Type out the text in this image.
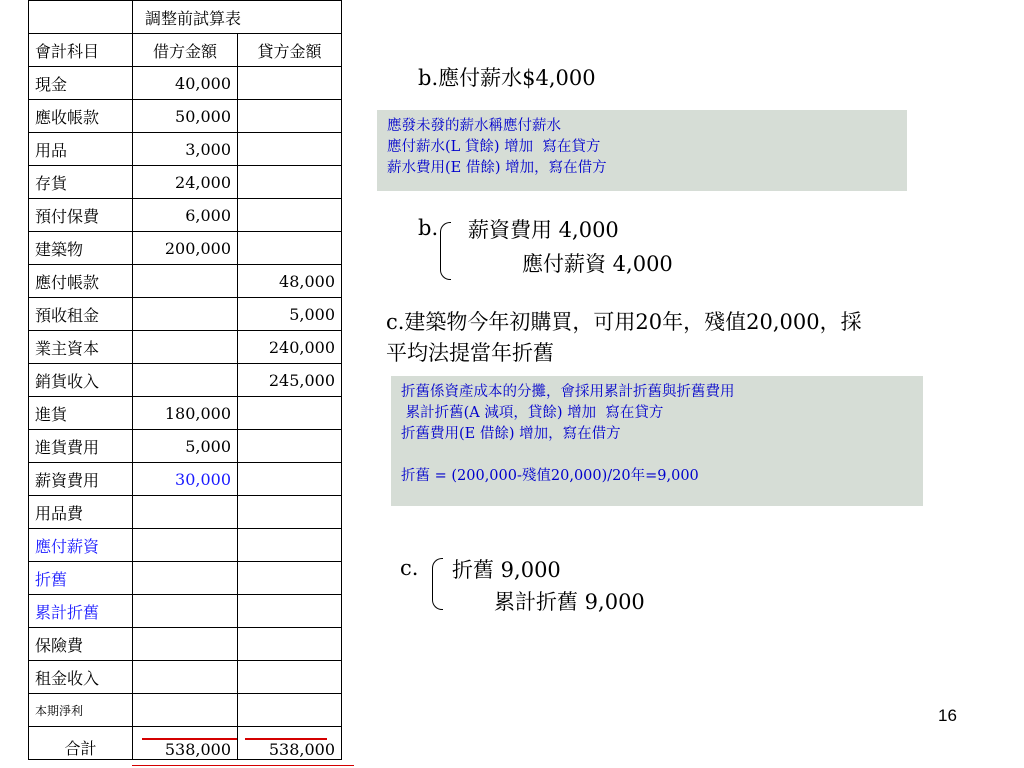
	調整前試算表	
會計科目	借方金額	貸方金額
現金	40,000	
應收帳款	50,000	
用品	3,000	
存貨	24,000	
預付保費	6,000	
建築物	200,000	
應付帳款		48,000
預收租金		5,000
業主資本		240,000
銷貨收入		245,000
進貨	180,000	
進貨費用	5,000	
薪資費用	30,000	
用品費		
應付薪資		
折舊		
累計折舊		
保險費		
租金收入		
本期淨利		
合計	538,000	538,000
b.應付薪水$4,000
應發未發的薪水稱應付薪水
應付薪水(L 貸餘) 增加  寫在貸方
薪水費用(E 借餘) 增加，寫在借方
b. 薪資費用 4,000
應付薪資 4,000
c.建築物今年初購買，可用20年，殘值20,000，採
平均法提當年折舊
折舊係資產成本的分攤，會採用累計折舊與折舊費用
累計折舊(A 減項，貸餘) 增加  寫在貸方
折舊費用(E 借餘) 增加，寫在借方

折舊 = (200,000-殘值20,000)/20年=9,000
c. 折舊 9,000
累計折舊 9,000
16
